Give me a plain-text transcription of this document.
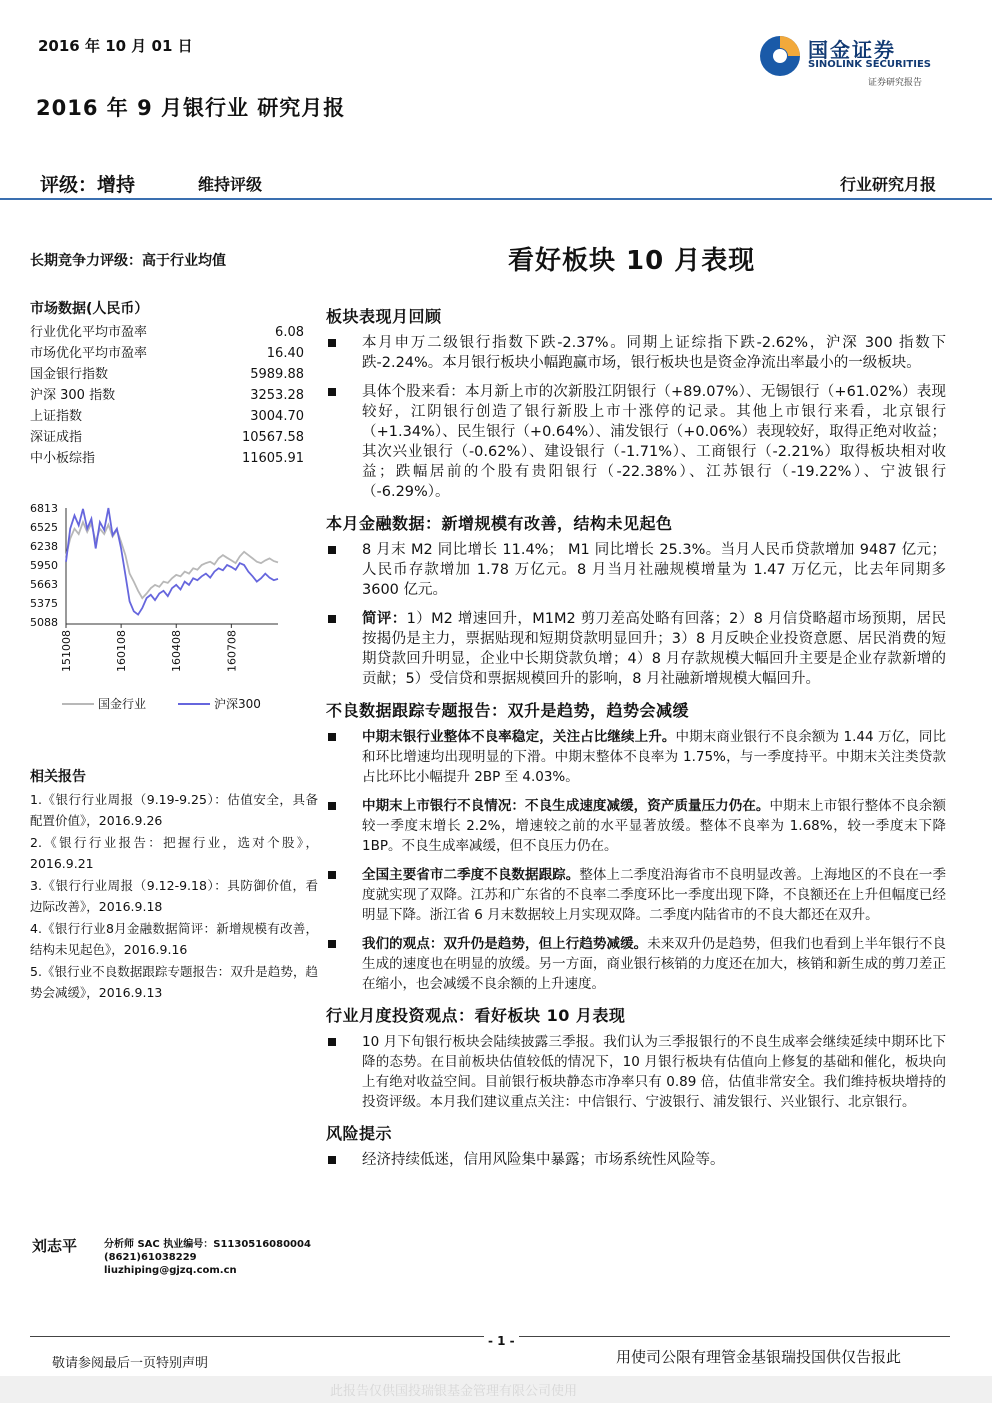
2016 年 10 月 01 日
2016 年 9 月银行业 研究月报
国金证券
SINOLINK SECURITIES
证券研究报告
评级：增持	维持评级	行业研究月报
长期竞争力评级：高于行业均值	看好板块 10 月表现
市场数据(人民币）
行业优化平均市盈率	6.08
市场优化平均市盈率	16.40
国金银行指数	5989.88
沪深 300 指数	3253.28
上证指数	3004.70
深证成指	10567.58
中小板综指	11605.91
6813
6525
6238
5950
5663
5375
5088
151008	160108	160408	160708
国金行业	沪深300
相关报告
1.《银行行业周报（9.19-9.25）：估值安全，具备配置价值》，2016.9.26
2.《银行行业报告：把握行业，选对个股》，2016.9.21
3.《银行行业周报（9.12-9.18）：具防御价值，看边际改善》，2016.9.18
4.《银行行业8月金融数据简评：新增规模有改善，结构未见起色》，2016.9.16
5.《银行业不良数据跟踪专题报告：双升是趋势，趋势会减缓》，2016.9.13
刘志平	分析师 SAC 执业编号：S1130516080004
(8621)61038229
liuzhiping@gjzq.com.cn
板块表现月回顾
本月申万二级银行指数下跌-2.37%。同期上证综指下跌-2.62%，沪深 300 指数下跌-2.24%。本月银行板块小幅跑赢市场，银行板块也是资金净流出率最小的一级板块。
具体个股来看：本月新上市的次新股江阴银行（+89.07%）、无锡银行（+61.02%）表现较好，江阴银行创造了银行新股上市十涨停的记录。其他上市银行来看，北京银行（+1.34%）、民生银行（+0.64%）、浦发银行（+0.06%）表现较好，取得正绝对收益；其次兴业银行（-0.62%）、建设银行（-1.71%）、工商银行（-2.21%）取得板块相对收益；跌幅居前的个股有贵阳银行（-22.38%）、江苏银行（-19.22%）、宁波银行（-6.29%）。
本月金融数据：新增规模有改善，结构未见起色
8 月末 M2 同比增长 11.4%； M1 同比增长 25.3%。当月人民币贷款增加 9487 亿元；人民币存款增加 1.78 万亿元。8 月当月社融规模增量为 1.47 万亿元，比去年同期多 3600 亿元。
简评：1）M2 增速回升，M1M2 剪刀差高处略有回落；2）8 月信贷略超市场预期，居民按揭仍是主力，票据贴现和短期贷款明显回升；3）8 月反映企业投资意愿、居民消费的短期贷款回升明显，企业中长期贷款负增；4）8 月存款规模大幅回升主要是企业存款新增的贡献；5）受信贷和票据规模回升的影响，8 月社融新增规模大幅回升。
不良数据跟踪专题报告：双升是趋势，趋势会减缓
中期末银行业整体不良率稳定，关注占比继续上升。中期末商业银行不良余额为 1.44 万亿，同比和环比增速均出现明显的下滑。中期末整体不良率为 1.75%，与一季度持平。中期末关注类贷款占比环比小幅提升 2BP 至 4.03%。
中期末上市银行不良情况：不良生成速度减缓，资产质量压力仍在。中期末上市银行整体不良余额较一季度末增长 2.2%，增速较之前的水平显著放缓。整体不良率为 1.68%，较一季度末下降 1BP。不良生成率减缓，但不良压力仍在。
全国主要省市二季度不良数据跟踪。整体上二季度沿海省市不良明显改善。上海地区的不良在一季度就实现了双降。江苏和广东省的不良率二季度环比一季度出现下降，不良额还在上升但幅度已经明显下降。浙江省 6 月末数据较上月实现双降。二季度内陆省市的不良大都还在双升。
我们的观点：双升仍是趋势，但上行趋势减缓。未来双升仍是趋势，但我们也看到上半年银行不良生成的速度也在明显的放缓。另一方面，商业银行核销的力度还在加大，核销和新生成的剪刀差正在缩小，也会减缓不良余额的上升速度。
行业月度投资观点：看好板块 10 月表现
10 月下旬银行板块会陆续披露三季报。我们认为三季报银行的不良生成率会继续延续中期环比下降的态势。在目前板块估值较低的情况下，10 月银行板块有估值向上修复的基础和催化，板块向上有绝对收益空间。目前银行板块静态市净率只有 0.89 倍，估值非常安全。我们维持板块增持的投资评级。本月我们建议重点关注：中信银行、宁波银行、浦发银行、兴业银行、北京银行。
风险提示
经济持续低迷，信用风险集中暴露；市场系统性风险等。
- 1 -
敬请参阅最后一页特别声明	用使司公限有理管金基银瑞投国供仅告报此
此报告仅供国投瑞银基金管理有限公司使用
